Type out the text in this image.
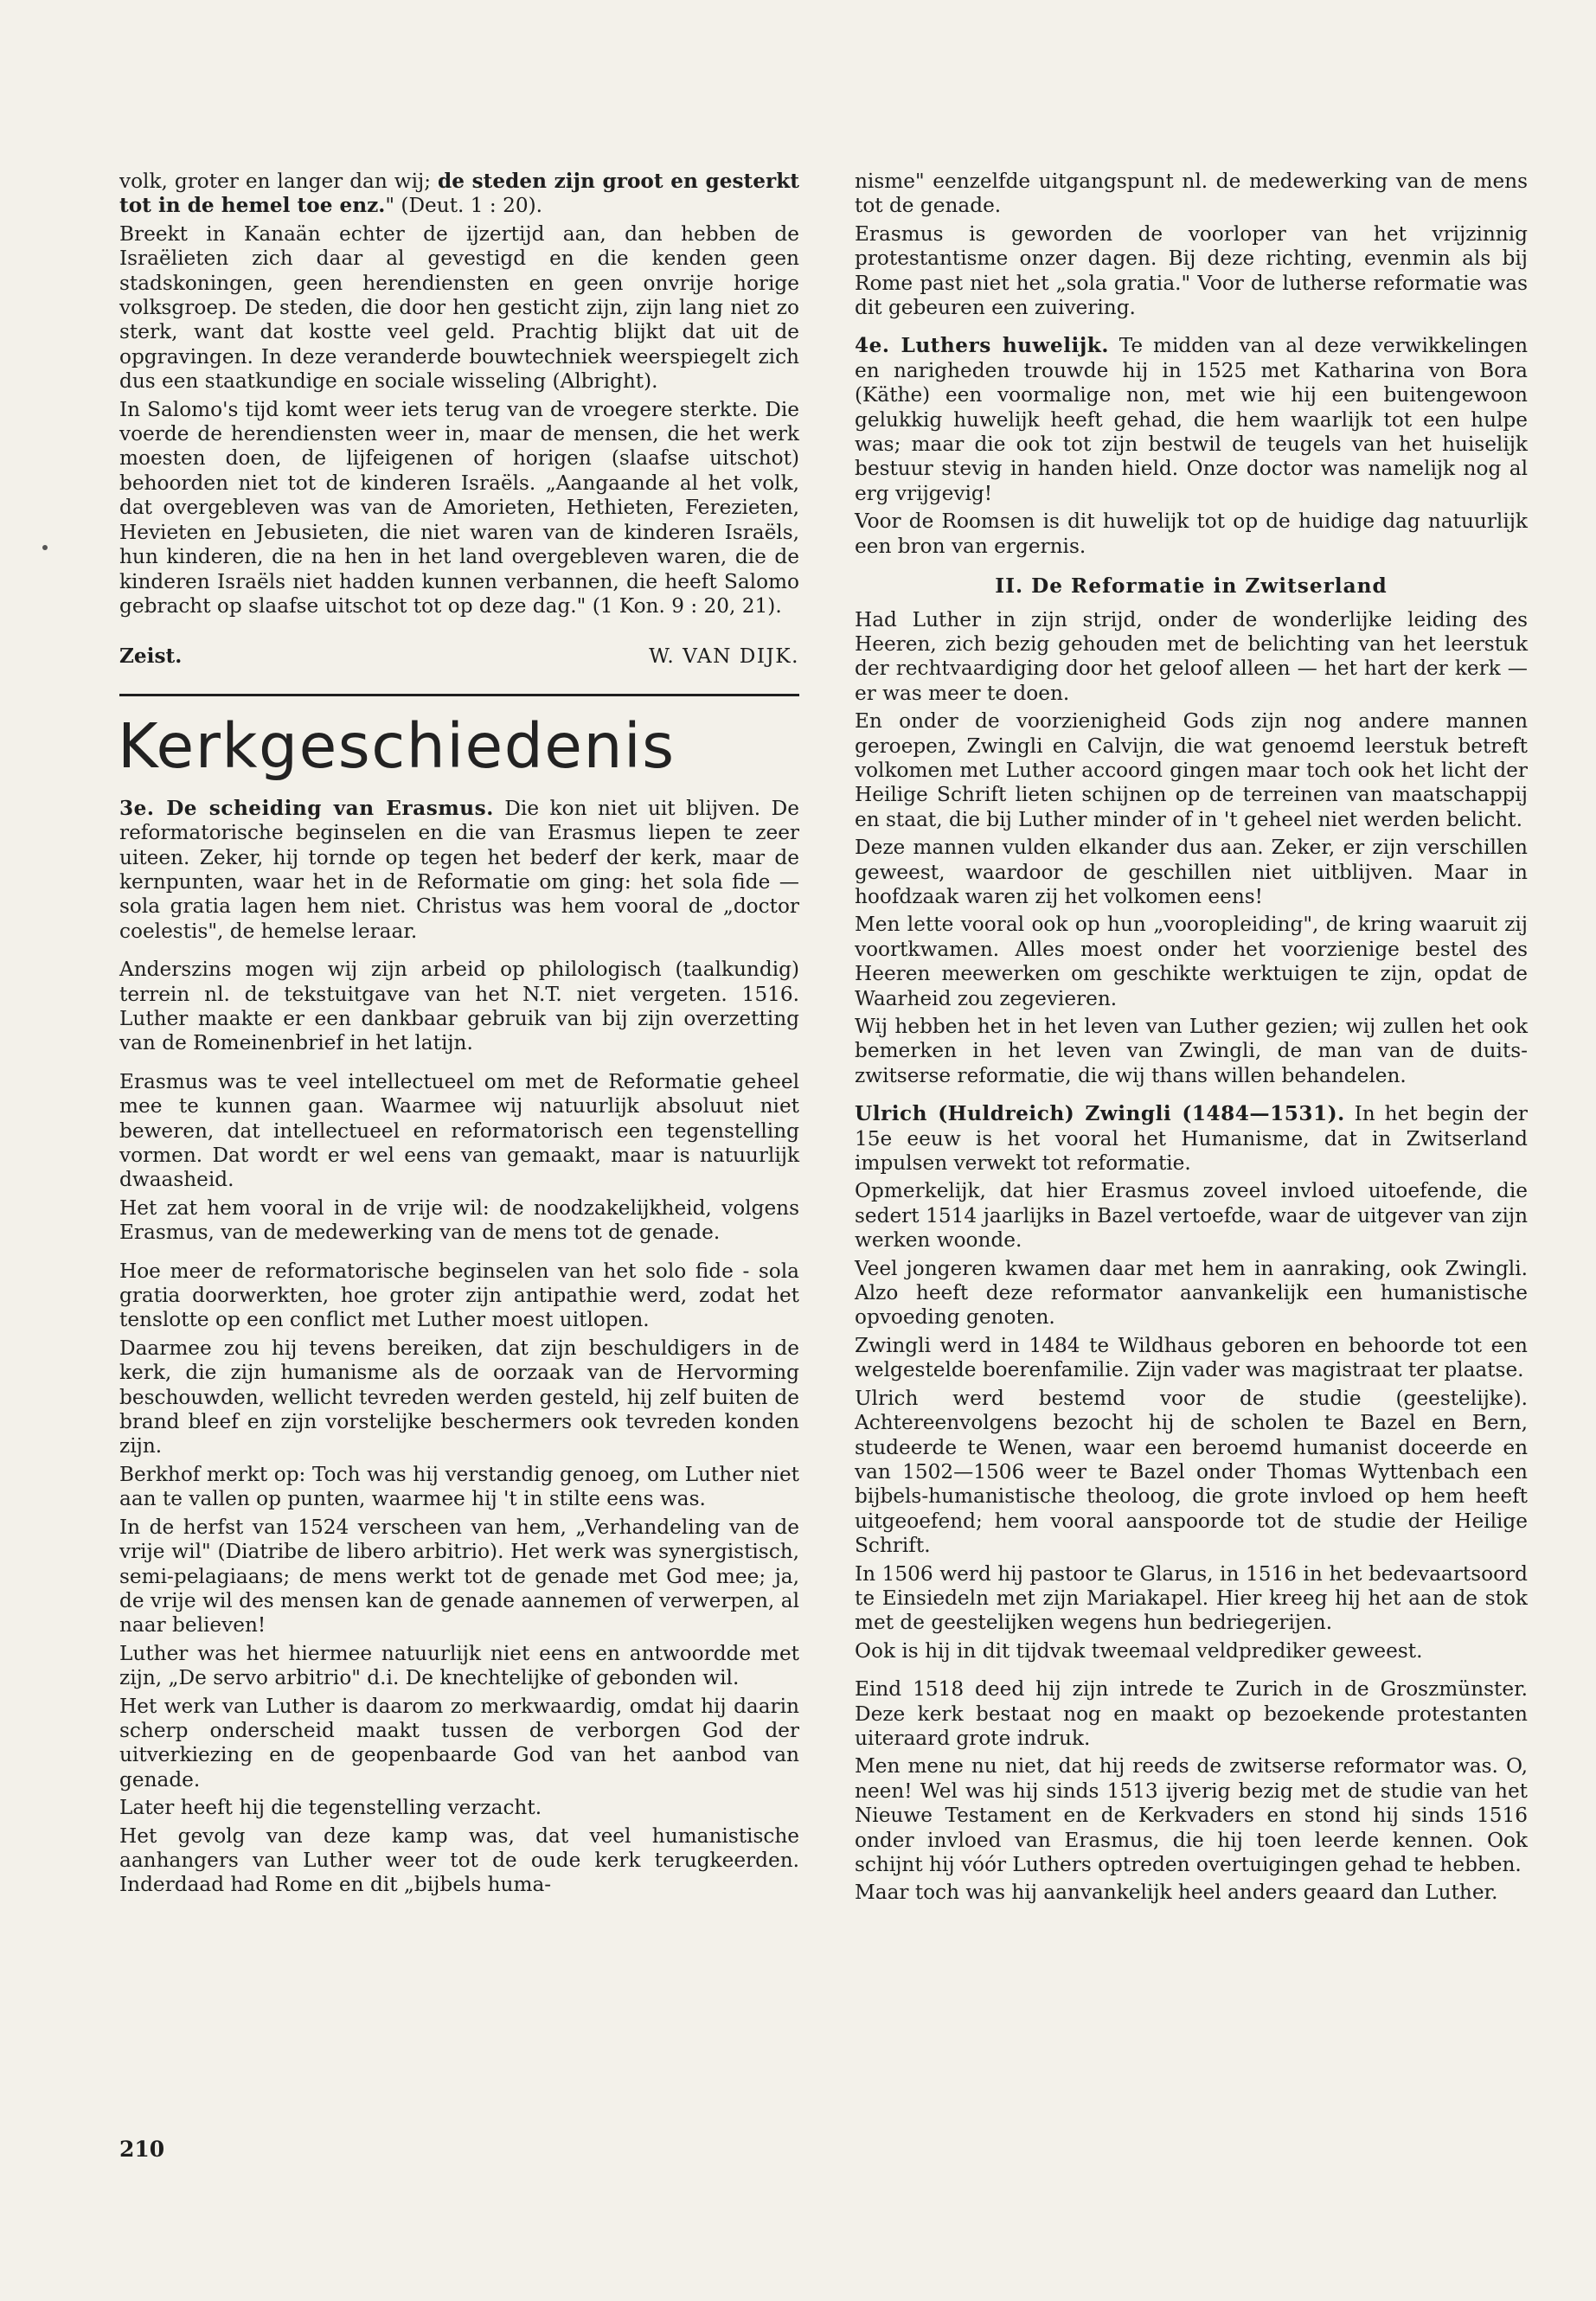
volk, groter en langer dan wij; de steden zijn groot en gesterkt tot in de hemel toe enz." (Deut. 1 : 20).

Breekt in Kanaän echter de ijzertijd aan, dan hebben de Israëlieten zich daar al gevestigd en die kenden geen stadskoningen, geen herendiensten en geen onvrije horige volksgroep. De steden, die door hen gesticht zijn, zijn lang niet zo sterk, want dat kostte veel geld. Prachtig blijkt dat uit de opgravingen. In deze veranderde bouwtechniek weerspiegelt zich dus een staatkundige en sociale wisseling (Albright).

In Salomo's tijd komt weer iets terug van de vroegere sterkte. Die voerde de herendiensten weer in, maar de mensen, die het werk moesten doen, de lijfeigenen of horigen (slaafse uitschot) behoorden niet tot de kinderen Israëls. „Aangaande al het volk, dat overgebleven was van de Amorieten, Hethieten, Ferezieten, Hevieten en Jebusieten, die niet waren van de kinderen Israëls, hun kinderen, die na hen in het land overgebleven waren, die de kinderen Israëls niet hadden kunnen verbannen, die heeft Salomo gebracht op slaafse uitschot tot op deze dag." (1 Kon. 9 : 20, 21).

Zeist.	W. VAN DIJK.
Kerkgeschiedenis

3e. De scheiding van Erasmus. Die kon niet uit blijven. De reformatorische beginselen en die van Erasmus liepen te zeer uiteen. Zeker, hij tornde op tegen het bederf der kerk, maar de kernpunten, waar het in de Reformatie om ging: het sola fide — sola gratia lagen hem niet. Christus was hem vooral de „doctor coelestis", de hemelse leraar.

Anderszins mogen wij zijn arbeid op philologisch (taalkundig) terrein nl. de tekstuitgave van het N.T. niet vergeten. 1516. Luther maakte er een dankbaar gebruik van bij zijn overzetting van de Romeinenbrief in het latijn.

Erasmus was te veel intellectueel om met de Reformatie geheel mee te kunnen gaan. Waarmee wij natuurlijk absoluut niet beweren, dat intellectueel en reformatorisch een tegenstelling vormen. Dat wordt er wel eens van gemaakt, maar is natuurlijk dwaasheid.

Het zat hem vooral in de vrije wil: de noodzakelijkheid, volgens Erasmus, van de medewerking van de mens tot de genade.

Hoe meer de reformatorische beginselen van het solo fide - sola gratia doorwerkten, hoe groter zijn antipathie werd, zodat het tenslotte op een conflict met Luther moest uitlopen.

Daarmee zou hij tevens bereiken, dat zijn beschuldigers in de kerk, die zijn humanisme als de oorzaak van de Hervorming beschouwden, wellicht tevreden werden gesteld, hij zelf buiten de brand bleef en zijn vorstelijke beschermers ook tevreden konden zijn.

Berkhof merkt op: Toch was hij verstandig genoeg, om Luther niet aan te vallen op punten, waarmee hij 't in stilte eens was.

In de herfst van 1524 verscheen van hem, „Verhandeling van de vrije wil" (Diatribe de libero arbitrio). Het werk was synergistisch, semi-pelagiaans; de mens werkt tot de genade met God mee; ja, de vrije wil des mensen kan de genade aannemen of verwerpen, al naar believen!

Luther was het hiermee natuurlijk niet eens en antwoordde met zijn, „De servo arbitrio" d.i. De knechtelijke of gebonden wil.

Het werk van Luther is daarom zo merkwaardig, omdat hij daarin scherp onderscheid maakt tussen de verborgen God der uitverkiezing en de geopenbaarde God van het aanbod van genade.

Later heeft hij die tegenstelling verzacht.

Het gevolg van deze kamp was, dat veel humanistische aanhangers van Luther weer tot de oude kerk terugkeerden. Inderdaad had Rome en dit „bijbels huma-

nisme" eenzelfde uitgangspunt nl. de medewerking van de mens tot de genade.

Erasmus is geworden de voorloper van het vrijzinnig protestantisme onzer dagen. Bij deze richting, evenmin als bij Rome past niet het „sola gratia." Voor de lutherse reformatie was dit gebeuren een zuivering.

4e. Luthers huwelijk. Te midden van al deze verwikkelingen en narigheden trouwde hij in 1525 met Katharina von Bora (Käthe) een voormalige non, met wie hij een buitengewoon gelukkig huwelijk heeft gehad, die hem waarlijk tot een hulpe was; maar die ook tot zijn bestwil de teugels van het huiselijk bestuur stevig in handen hield. Onze doctor was namelijk nog al erg vrijgevig!

Voor de Roomsen is dit huwelijk tot op de huidige dag natuurlijk een bron van ergernis.

II. De Reformatie in Zwitserland

Had Luther in zijn strijd, onder de wonderlijke leiding des Heeren, zich bezig gehouden met de belichting van het leerstuk der rechtvaardiging door het geloof alleen — het hart der kerk — er was meer te doen.

En onder de voorzienigheid Gods zijn nog andere mannen geroepen, Zwingli en Calvijn, die wat genoemd leerstuk betreft volkomen met Luther accoord gingen maar toch ook het licht der Heilige Schrift lieten schijnen op de terreinen van maatschappij en staat, die bij Luther minder of in 't geheel niet werden belicht.

Deze mannen vulden elkander dus aan. Zeker, er zijn verschillen geweest, waardoor de geschillen niet uitblijven. Maar in hoofdzaak waren zij het volkomen eens!

Men lette vooral ook op hun „vooropleiding", de kring waaruit zij voortkwamen. Alles moest onder het voorzienige bestel des Heeren meewerken om geschikte werktuigen te zijn, opdat de Waarheid zou zegevieren.

Wij hebben het in het leven van Luther gezien; wij zullen het ook bemerken in het leven van Zwingli, de man van de duits-zwitserse reformatie, die wij thans willen behandelen.

Ulrich (Huldreich) Zwingli (1484—1531). In het begin der 15e eeuw is het vooral het Humanisme, dat in Zwitserland impulsen verwekt tot reformatie.

Opmerkelijk, dat hier Erasmus zoveel invloed uitoefende, die sedert 1514 jaarlijks in Bazel vertoefde, waar de uitgever van zijn werken woonde.

Veel jongeren kwamen daar met hem in aanraking, ook Zwingli. Alzo heeft deze reformator aanvankelijk een humanistische opvoeding genoten.

Zwingli werd in 1484 te Wildhaus geboren en behoorde tot een welgestelde boerenfamilie. Zijn vader was magistraat ter plaatse.

Ulrich werd bestemd voor de studie (geestelijke). Achtereenvolgens bezocht hij de scholen te Bazel en Bern, studeerde te Wenen, waar een beroemd humanist doceerde en van 1502—1506 weer te Bazel onder Thomas Wyttenbach een bijbels-humanistische theoloog, die grote invloed op hem heeft uitgeoefend; hem vooral aanspoorde tot de studie der Heilige Schrift.

In 1506 werd hij pastoor te Glarus, in 1516 in het bedevaartsoord te Einsiedeln met zijn Mariakapel. Hier kreeg hij het aan de stok met de geestelijken wegens hun bedriegerijen.

Ook is hij in dit tijdvak tweemaal veldprediker geweest.

Eind 1518 deed hij zijn intrede te Zurich in de Groszmünster. Deze kerk bestaat nog en maakt op bezoekende protestanten uiteraard grote indruk.

Men mene nu niet, dat hij reeds de zwitserse reformator was. O, neen! Wel was hij sinds 1513 ijverig bezig met de studie van het Nieuwe Testament en de Kerkvaders en stond hij sinds 1516 onder invloed van Erasmus, die hij toen leerde kennen. Ook schijnt hij vóór Luthers optreden overtuigingen gehad te hebben.

Maar toch was hij aanvankelijk heel anders geaard dan Luther.

210
